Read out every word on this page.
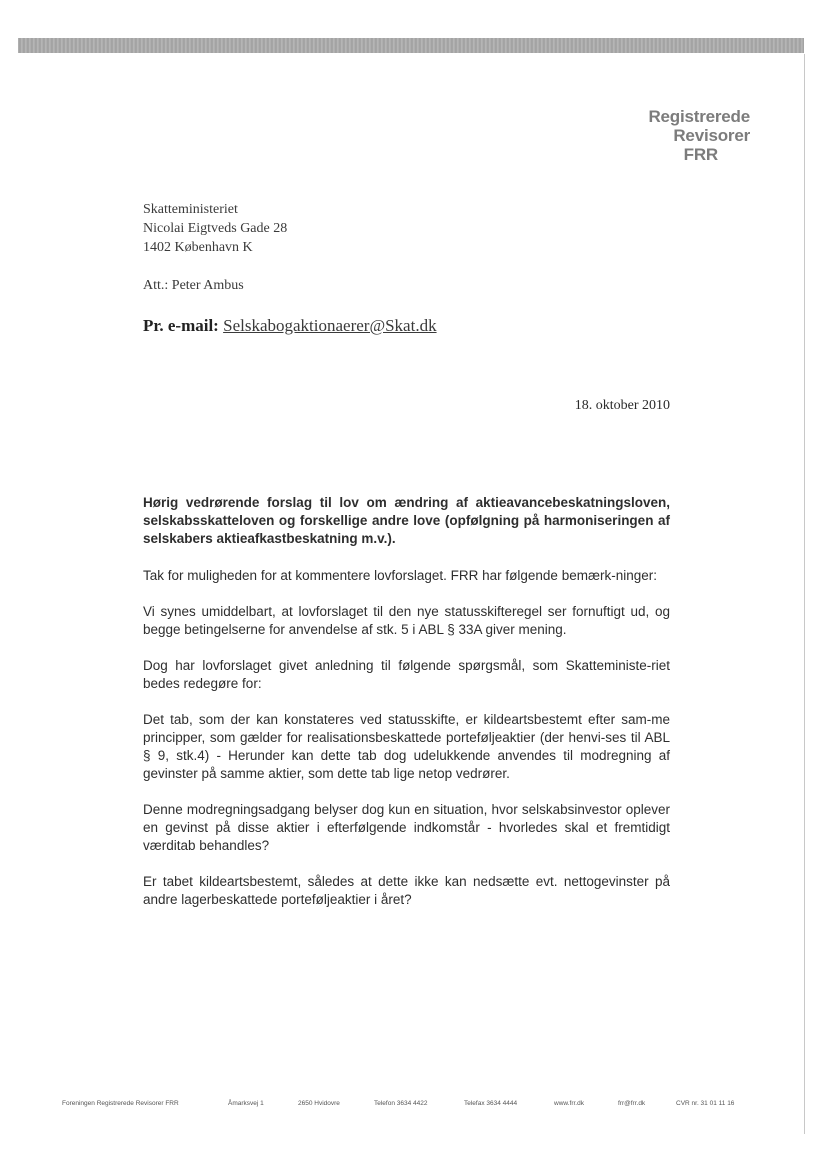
Registrerede
Revisorer
FRR
Skatteministeriet
Nicolai Eigtveds Gade 28
1402 København K
Att.: Peter Ambus
Pr. e-mail: Selskabogaktionaerer@Skat.dk
18. oktober 2010

Hørig vedrørende forslag til lov om ændring af aktieavancebeskatningsloven, selskabsskatteloven og forskellige andre love (opfølgning på harmoniseringen af selskabers aktieafkastbeskatning m.v.).

Tak for muligheden for at kommentere lovforslaget. FRR har følgende bemærk-ninger:

Vi synes umiddelbart, at lovforslaget til den nye statusskifteregel ser fornuftigt ud, og begge betingelserne for anvendelse af stk. 5 i ABL § 33A giver mening.

Dog har lovforslaget givet anledning til følgende spørgsmål, som Skatteministe-riet bedes redegøre for:

Det tab, som der kan konstateres ved statusskifte, er kildeartsbestemt efter sam-me principper, som gælder for realisationsbeskattede porteføljeaktier (der henvi-ses til ABL § 9, stk.4) - Herunder kan dette tab dog udelukkende anvendes til modregning af gevinster på samme aktier, som dette tab lige netop vedrører.

Denne modregningsadgang belyser dog kun en situation, hvor selskabsinvestor oplever en gevinst på disse aktier i efterfølgende indkomstår - hvorledes skal et fremtidigt værditab behandles?

Er tabet kildeartsbestemt, således at dette ikke kan nedsætte evt. nettogevinster på andre lagerbeskattede porteføljeaktier i året?

Foreningen Registrerede Revisorer FRR	Åmarksvej 1	2650 Hvidovre	Telefon 3634 4422	Telefax 3634 4444	www.frr.dk	frr@frr.dk	CVR nr. 31 01 11 16
